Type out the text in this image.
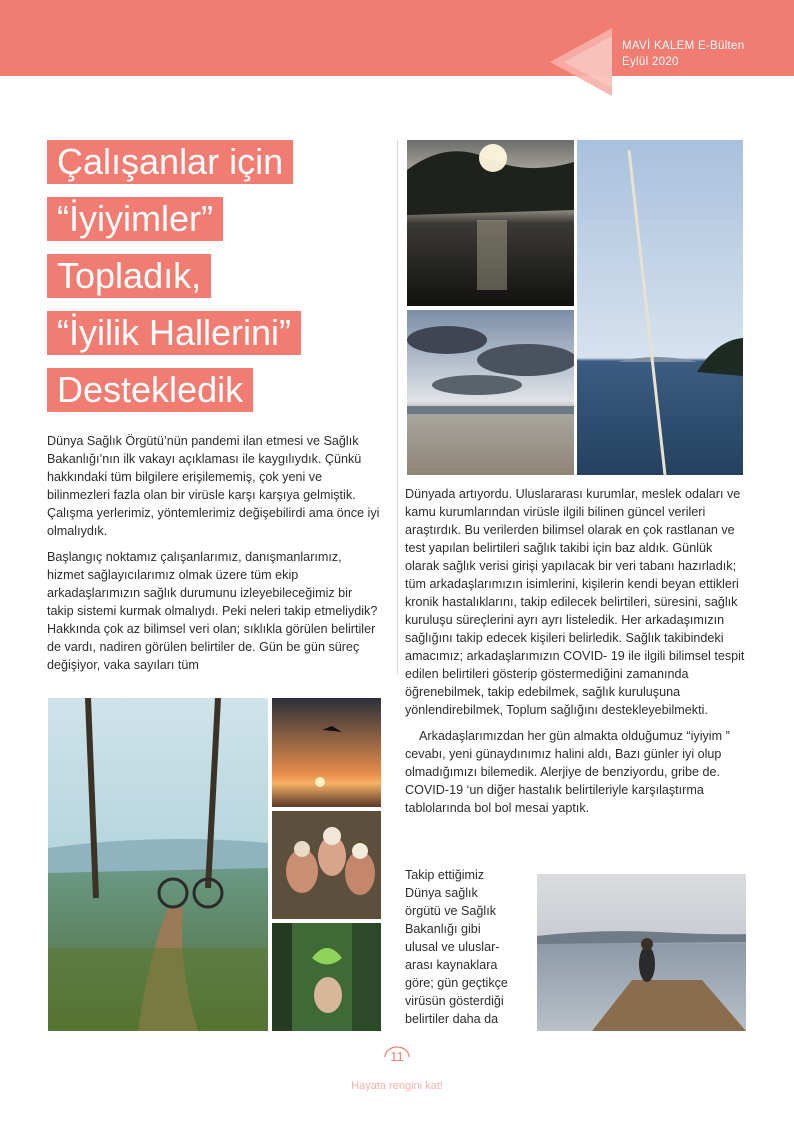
MAVİ KALEM E-Bülten
Eylül 2020
Çalışanlar için
“İyiyimler”
Topladık,
“İyilik Hallerini”
Destekledik

Dünya Sağlık Örgütü’nün pandemi ilan etmesi ve Sağlık Bakanlığı’nın ilk vakayı açıklaması ile kaygılıydık. Çünkü hakkındaki tüm bilgilere erişilememiş, çok yeni ve bilinmezleri fazla olan bir virüsle karşı karşıya gelmiştik. Çalışma yerlerimiz, yöntemlerimiz değişebilirdi ama önce iyi olmalıydık.

Başlangıç noktamız çalışanlarımız, danışmanlarımız, hizmet sağlayıcılarımız olmak üzere tüm ekip arkadaşlarımızın sağlık durumunu izleyebileceğimiz bir takip sistemi kurmak olmalıydı. Peki neleri takip etmeliydik? Hakkında çok az bilimsel veri olan; sıklıkla görülen belirtiler de vardı, nadiren görülen belirtiler de. Gün be gün süreç değişiyor, vaka sayıları tüm

Dünyada artıyordu. Uluslararası kurumlar, meslek odaları ve kamu kurumlarından virüsle ilgili bilinen güncel verileri araştırdık. Bu verilerden bilimsel olarak en çok rastlanan ve test yapılan belirtileri sağlık takibi için baz aldık. Günlük olarak sağlık verisi girişi yapılacak bir veri tabanı hazırladık; tüm arkadaşlarımızın isimlerini, kişilerin kendi beyan ettikleri kronik hastalıklarını, takip edilecek belirtileri, süresini, sağlık kuruluşu süreçlerini ayrı ayrı listeledik. Her arkadaşımızın sağlığını takip edecek kişileri belirledik. Sağlık takibindeki amacımız; arkadaşlarımızın COVID- 19 ile ilgili bilimsel tespit edilen belirtileri gösterip göstermediğini zamanında öğrenebilmek, takip edebilmek, sağlık kuruluşuna yönlendirebilmek, Toplum sağlığını destekleyebilmekti.

Arkadaşlarımızdan her gün almakta olduğumuz “iyiyim ” cevabı, yeni günaydınımız halini aldı, Bazı günler iyi olup olmadığımızı bilemedik. Alerjiye de benziyordu, gribe de. COVID-19 ‘un diğer hastalık belirtileriyle karşılaştırma tablolarında bol bol mesai yaptık.

Takip ettiğimiz
Dünya sağlık
örgütü ve Sağlık
Bakanlığı gibi
ulusal ve uluslar-
arası kaynaklara
göre; gün geçtikçe
virüsün gösterdiği
belirtiler daha da
11
Hayata rengini kat!
